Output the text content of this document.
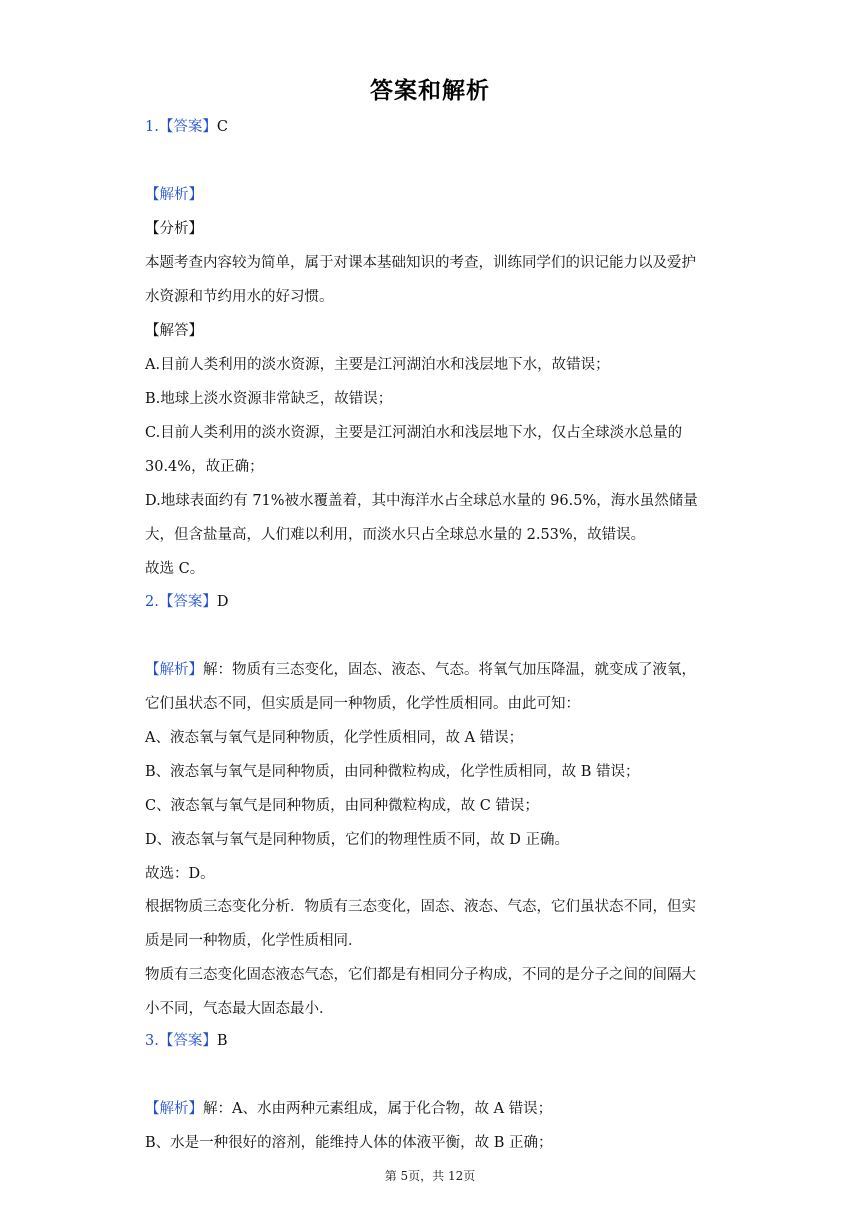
答案和解析
1.【答案】C
【解析】
【分析】
本题考查内容较为简单，属于对课本基础知识的考查，训练同学们的识记能力以及爱护
水资源和节约用水的好习惯。
【解答】
A.目前人类利用的淡水资源，主要是江河湖泊水和浅层地下水，故错误；
B.地球上淡水资源非常缺乏，故错误；
C.目前人类利用的淡水资源，主要是江河湖泊水和浅层地下水，仅占全球淡水总量的
30.4%，故正确；
D.地球表面约有 71%被水覆盖着，其中海洋水占全球总水量的 96.5%，海水虽然储量
大，但含盐量高，人们难以利用，而淡水只占全球总水量的 2.53%，故错误。
故选 C。
2.【答案】D
【解析】解：物质有三态变化，固态、液态、气态。将氧气加压降温，就变成了液氧，
它们虽状态不同，但实质是同一种物质，化学性质相同。由此可知：
A、液态氧与氧气是同种物质，化学性质相同，故 A 错误；
B、液态氧与氧气是同种物质，由同种微粒构成，化学性质相同，故 B 错误；
C、液态氧与氧气是同种物质，由同种微粒构成，故 C 错误；
D、液态氧与氧气是同种物质，它们的物理性质不同，故 D 正确。
故选：D。
根据物质三态变化分析．物质有三态变化，固态、液态、气态，它们虽状态不同，但实
质是同一种物质，化学性质相同．
物质有三态变化固态液态气态，它们都是有相同分子构成，不同的是分子之间的间隔大
小不同，气态最大固态最小．
3.【答案】B
【解析】解：A、水由两种元素组成，属于化合物，故 A 错误；
B、水是一种很好的溶剂，能维持人体的体液平衡，故 B 正确；
第 5页，共 12页
